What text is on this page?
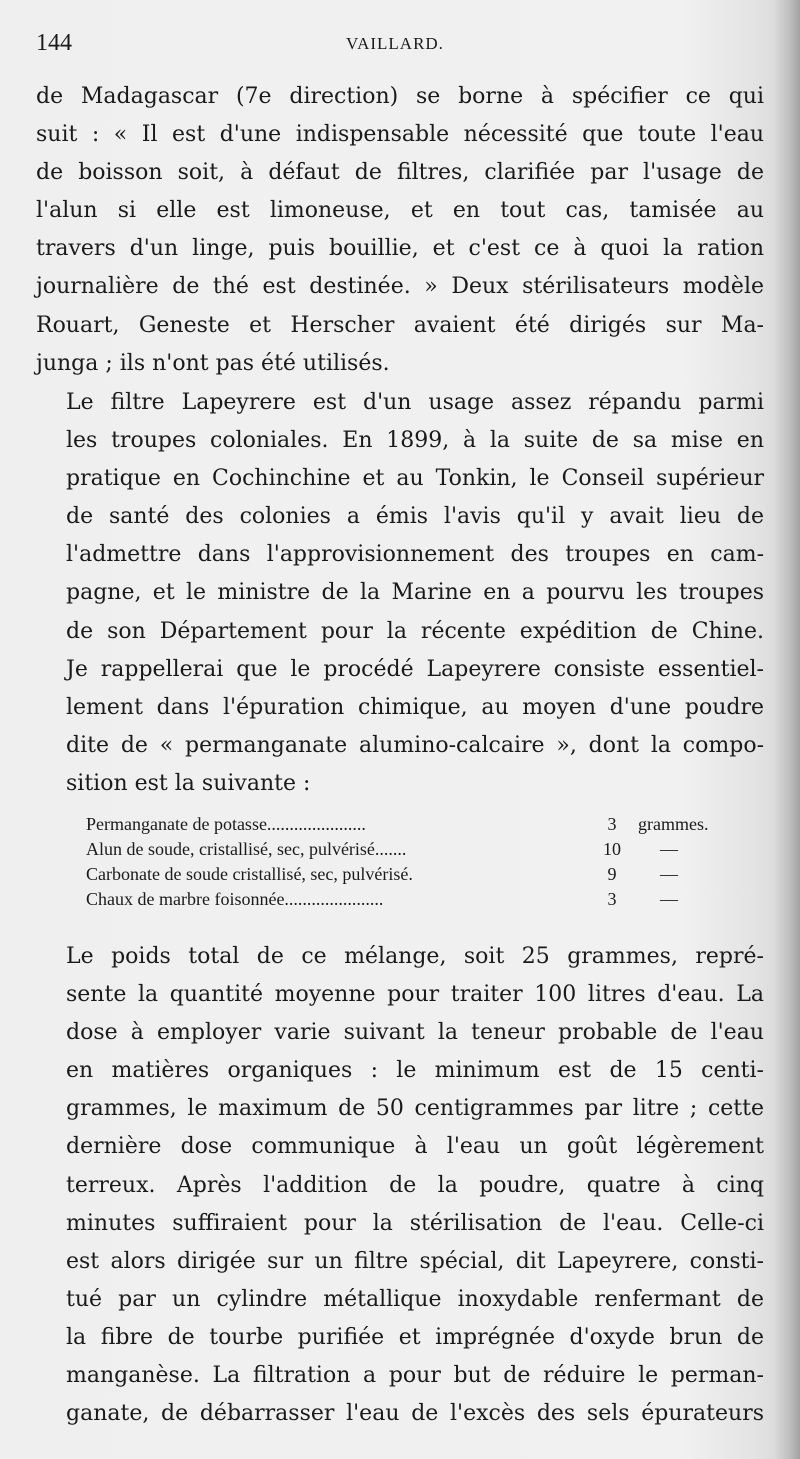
144	VAILLARD.
de Madagascar (7e direction) se borne à spécifier ce qui
suit : « Il est d'une indispensable nécessité que toute l'eau
de boisson soit, à défaut de filtres, clarifiée par l'usage de
l'alun si elle est limoneuse, et en tout cas, tamisée au
travers d'un linge, puis bouillie, et c'est ce à quoi la ration
journalière de thé est destinée. » Deux stérilisateurs modèle
Rouart, Geneste et Herscher avaient été dirigés sur Ma-
junga ; ils n'ont pas été utilisés.
Le filtre Lapeyrere est d'un usage assez répandu parmi
les troupes coloniales. En 1899, à la suite de sa mise en
pratique en Cochinchine et au Tonkin, le Conseil supérieur
de santé des colonies a émis l'avis qu'il y avait lieu de
l'admettre dans l'approvisionnement des troupes en cam-
pagne, et le ministre de la Marine en a pourvu les troupes
de son Département pour la récente expédition de Chine.
Je rappellerai que le procédé Lapeyrere consiste essentiel-
lement dans l'épuration chimique, au moyen d'une poudre
dite de « permanganate alumino-calcaire », dont la compo-
sition est la suivante :
Permanganate de potasse......................	3	grammes.
Alun de soude, cristallisé, sec, pulvérisé.......	10	—
Carbonate de soude cristallisé, sec, pulvérisé.	9	—
Chaux de marbre foisonnée......................	3	—
Le poids total de ce mélange, soit 25 grammes, repré-
sente la quantité moyenne pour traiter 100 litres d'eau. La
dose à employer varie suivant la teneur probable de l'eau
en matières organiques : le minimum est de 15 centi-
grammes, le maximum de 50 centigrammes par litre ; cette
dernière dose communique à l'eau un goût légèrement
terreux. Après l'addition de la poudre, quatre à cinq
minutes suffiraient pour la stérilisation de l'eau. Celle-ci
est alors dirigée sur un filtre spécial, dit Lapeyrere, consti-
tué par un cylindre métallique inoxydable renfermant de
la fibre de tourbe purifiée et imprégnée d'oxyde brun de
manganèse. La filtration a pour but de réduire le perman-
ganate, de débarrasser l'eau de l'excès des sels épurateurs
